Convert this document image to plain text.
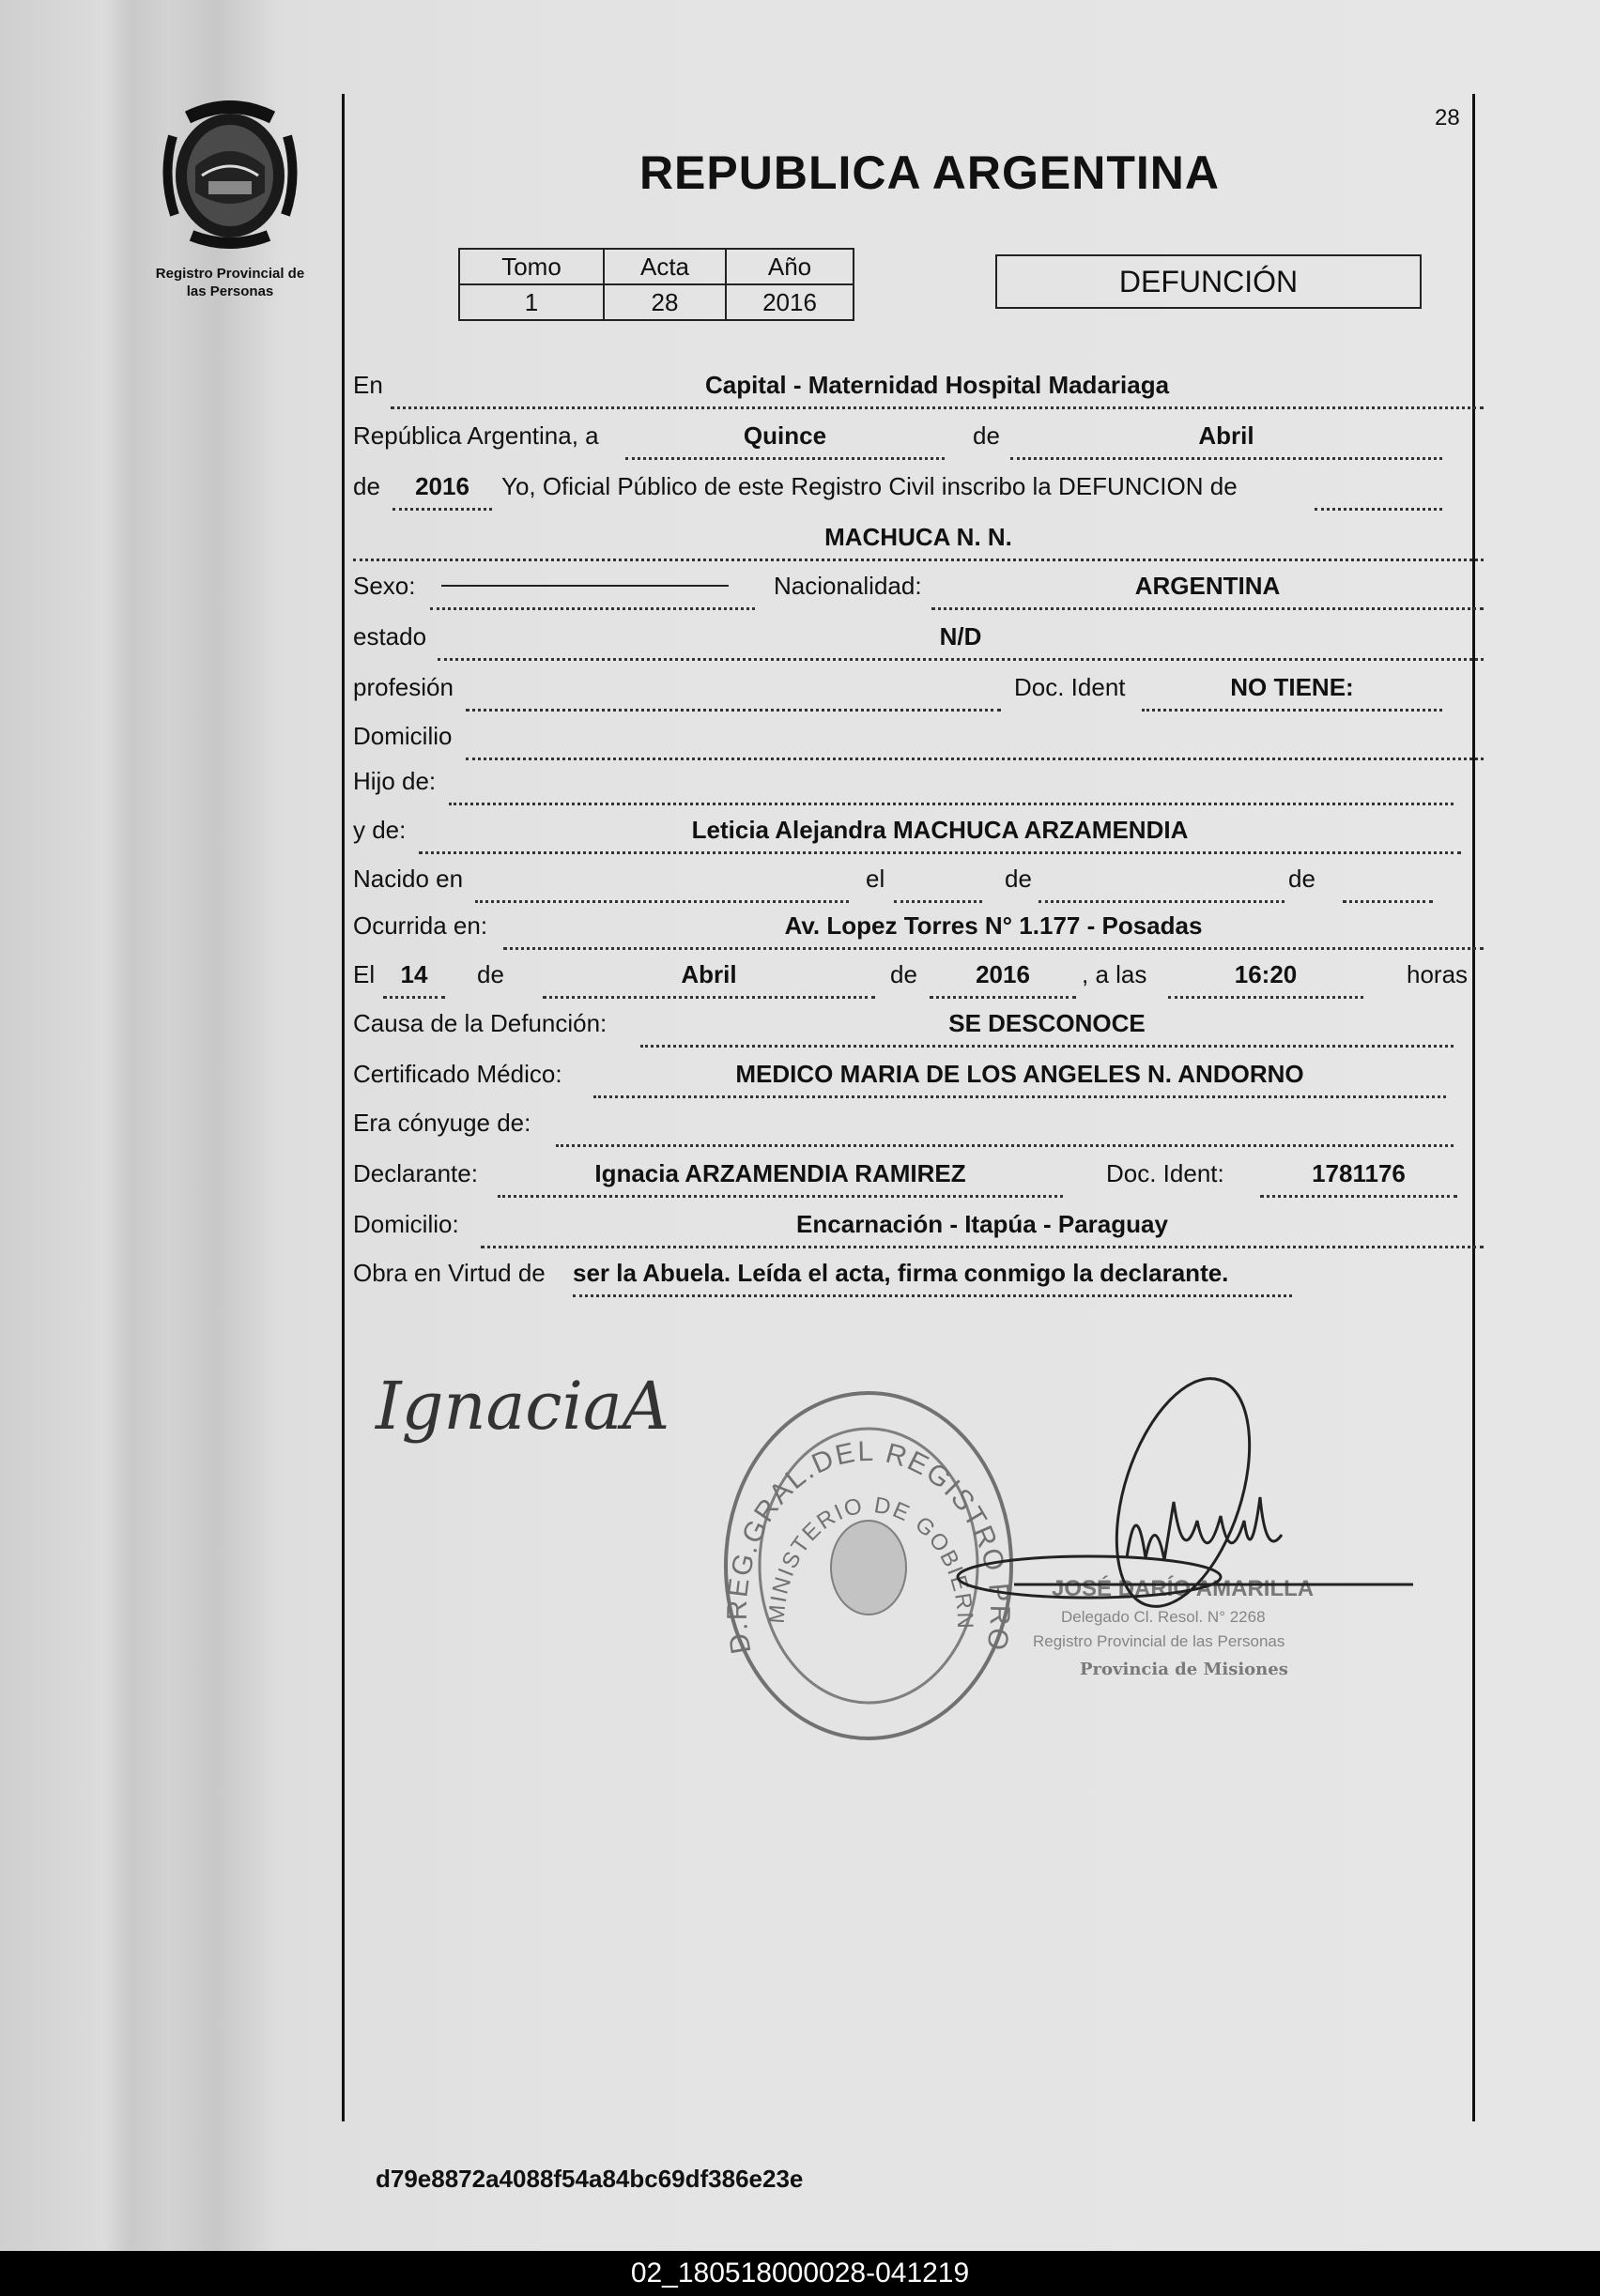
Registro Provincial de
las Personas
28
REPUBLICA ARGENTINA
Tomo	Acta	Año
1	28	2016
DEFUNCIÓN
En	Capital - Maternidad Hospital Madariaga
República Argentina, a	Quince	de	Abril
de	2016	Yo, Oficial Público de este Registro Civil inscribo la DEFUNCION de
MACHUCA N. N.
Sexo:	Nacionalidad:	ARGENTINA
estado	N/D
profesión	Doc. Ident	NO TIENE:
Domicilio
Hijo de:
y de:	Leticia Alejandra MACHUCA ARZAMENDIA
Nacido en	el	de	de
Ocurrida en:	Av. Lopez Torres N° 1.177 - Posadas
El	14	de	Abril	de	2016	, a las	16:20	horas
Causa de la Defunción:	SE DESCONOCE
Certificado Médico:	MEDICO MARIA DE LOS ANGELES N. ANDORNO
Era cónyuge de:
Declarante:	Ignacia ARZAMENDIA RAMIREZ	Doc. Ident:	1781176
Domicilio:	Encarnación - Itapúa - Paraguay
Obra en Virtud de ser la Abuela. Leída el acta, firma conmigo la declarante.
IgnaciaA
D.REG.GRAL.DEL REGISTRO PRO
MINISTERIO DE GOBIERN
JOSÉ DARÍO AMARILLA
Delegado Cl. Resol. N° 2268
Registro Provincial de las Personas
Provincia de Misiones
d79e8872a4088f54a84bc69df386e23e
02_180518000028-041219
